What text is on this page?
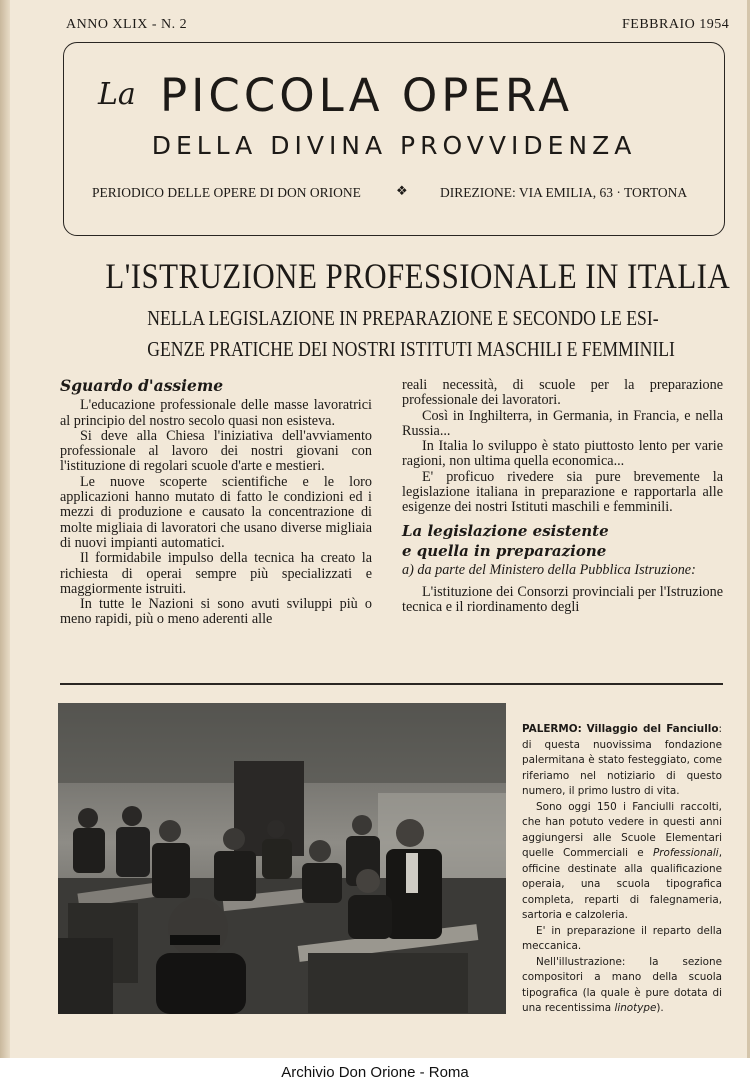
ANNO XLIX - N. 2	FEBBRAIO 1954
La PICCOLA OPERA
DELLA DIVINA PROVVIDENZA
PERIODICO DELLE OPERE DI DON ORIONE	❖ DIREZIONE: VIA EMILIA, 63 · TORTONA
L'ISTRUZIONE PROFESSIONALE IN ITALIA
NELLA LEGISLAZIONE IN PREPARAZIONE E SECONDO LE ESI-
GENZE PRATICHE DEI NOSTRI ISTITUTI MASCHILI E FEMMINILI

Sguardo d'assieme

L'educazione professionale delle masse lavoratrici al principio del nostro secolo quasi non esisteva.

Si deve alla Chiesa l'iniziativa dell'avviamento professionale al lavoro dei nostri giovani con l'istituzione di regolari scuole d'arte e mestieri.

Le nuove scoperte scientifiche e le loro applicazioni hanno mutato di fatto le condizioni ed i mezzi di produzione e causato la concentrazione di molte migliaia di lavoratori che usano diverse migliaia di nuovi impianti automatici.

Il formidabile impulso della tecnica ha creato la richiesta di operai sempre più specializzati e maggiormente istruiti.

In tutte le Nazioni si sono avuti sviluppi più o meno rapidi, più o meno aderenti alle

reali necessità, di scuole per la preparazione professionale dei lavoratori.

Così in Inghilterra, in Germania, in Francia, e nella Russia...

In Italia lo sviluppo è stato piuttosto lento per varie ragioni, non ultima quella economica...

E' proficuo rivedere sia pure brevemente la legislazione italiana in preparazione e rapportarla alle esigenze dei nostri Istituti maschili e femminili.

La legislazione esistente

e quella in preparazione

a) da parte del Ministero della Pubblica Istruzione:

L'istituzione dei Consorzi provinciali per l'Istruzione tecnica e il riordinamento degli

PALERMO: Villaggio del Fanciullo: di questa nuovissima fondazione palermitana è stato festeggiato, come riferiamo nel notiziario di questo numero, il primo lustro di vita.

Sono oggi 150 i Fanciulli raccolti, che han potuto vedere in questi anni aggiungersi alle Scuole Elementari quelle Commerciali e Professionali, officine destinate alla qualificazione operaia, una scuola tipografica completa, reparti di falegnameria, sartoria e calzoleria.

E' in preparazione il reparto della meccanica.

Nell'illustrazione: la sezione compositori a mano della scuola tipografica (la quale è pure dotata di una recentissima linotype).

Archivio Don Orione - Roma
